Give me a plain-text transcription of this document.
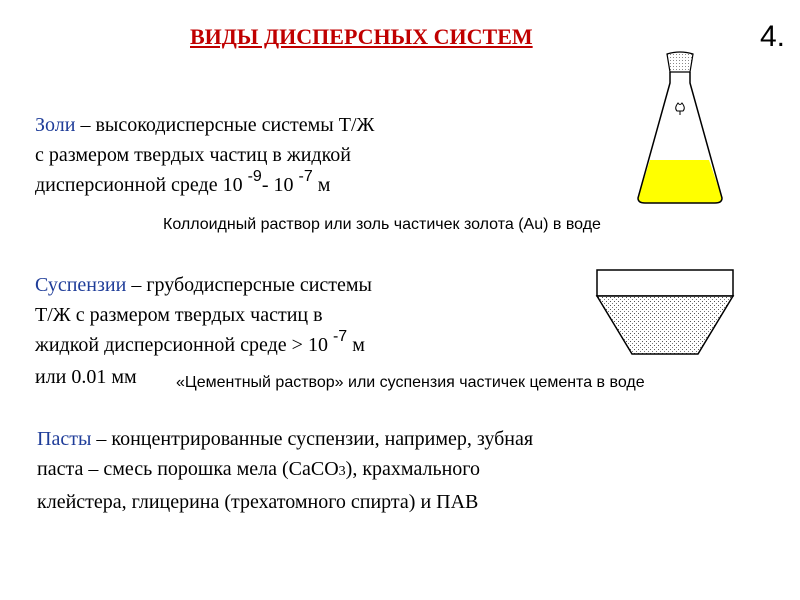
ВИДЫ ДИСПЕРСНЫХ СИСТЕМ	4.
Золи – высокодисперсные системы Т/Ж
с размером твердых частиц в жидкой
дисперсионной среде 10 $^{-9}$- 10 $^{-7}$ м
Коллоидный раствор или золь частичек золота (Au) в воде
Суспензии – грубодисперсные системы
Т/Ж с размером твердых частиц в
жидкой дисперсионной среде > 10 $^{-7}$ м
или 0.01 мм	«Цементный раствор» или суспензия частичек цемента в воде
Пасты – концентрированные суспензии, например, зубная
паста – смесь порошка мела (CaCO3), крахмального
клейстера, глицерина (трехатомного спирта) и ПАВ
